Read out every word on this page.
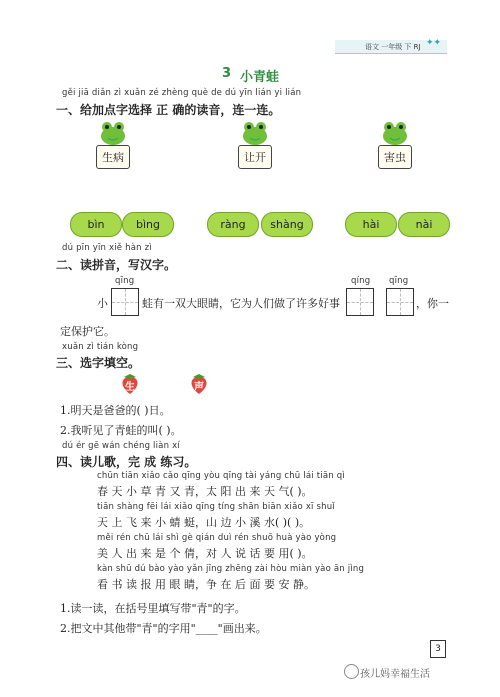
语文 一年级 下 RJ ✦✦
3 小青蛙
gěi jiā diǎn zì xuǎn zé zhèng què de dú yīn lián yi lián
一、给加点字选择 正 确的读音，连一连。
生病	让开	害虫
bìn	bìng	ràng	shàng	hài	nài
dú pīn yīn xiě hàn zì
二、读拼音，写汉字。
qīng	qíng qīng
小	蛙有一双大眼睛，它为人们做了许多好事	，你一
定保护它。
xuǎn zì tián kòng
三、选字填空。
生	声
1.明天是爸爸的( )日。
2.我听见了青蛙的叫( )。
dú ér gē wán chéng liàn xí
四、读儿歌，完 成 练习。
chūn tiān xiǎo cǎo qīng yòu qīng tài yáng chū lái tiān qì
春 天 小 草 青 又 青，太 阳 出 来 天 气( )。
tiān shàng fēi lái xiǎo qīng tíng shān biān xiǎo xī shuǐ
天 上 飞 来 小 蜻 蜓，山 边 小 溪 水( )( )。
měi rén chū lái shì gè qián duì rén shuō huà yào yòng
美 人 出 来 是 个 倩，对 人 说 话 要 用( )。
kàn shū dú bào yào yǎn jīng zhēng zài hòu miàn yào ān jìng
看 书 读 报 用 眼 睛，争 在 后 面 要 安 静。
1.读一读，在括号里填写带"青"的字。
2.把文中其他带"青"的字用"____"画出来。
3
孩儿妈幸福生活
